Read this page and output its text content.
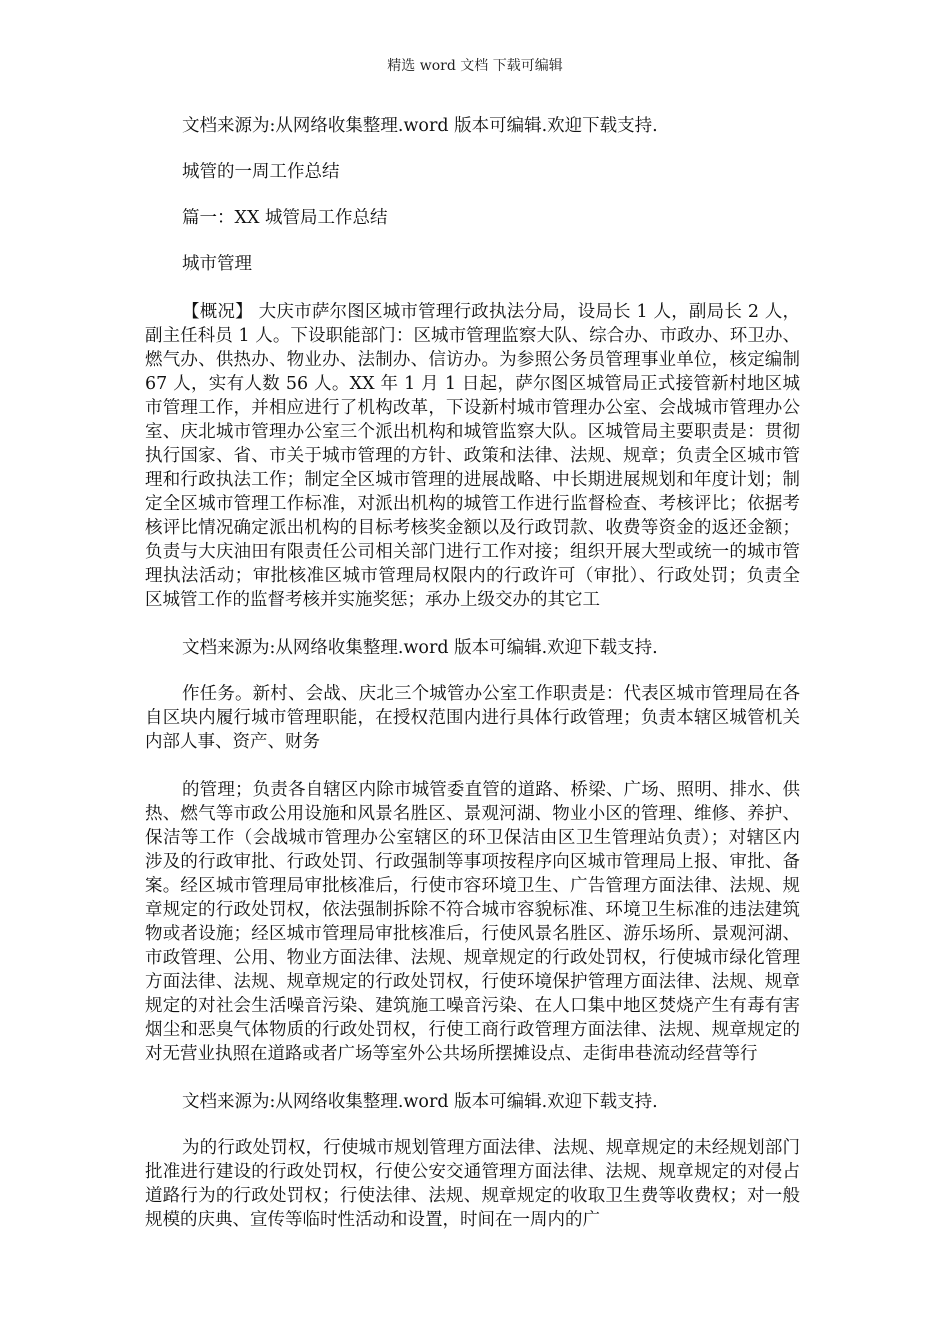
精选 word 文档 下载可编辑

文档来源为:从网络收集整理.word 版本可编辑.欢迎下载支持.

城管的一周工作总结

篇一：XX 城管局工作总结

城市管理

【概况】 大庆市萨尔图区城市管理行政执法分局，设局长 1 人，副局长 2 人，副主任科员 1 人。下设职能部门：区城市管理监察大队、综合办、市政办、环卫办、燃气办、供热办、物业办、法制办、信访办。为参照公务员管理事业单位，核定编制 67 人，实有人数 56 人。XX 年 1 月 1 日起，萨尔图区城管局正式接管新村地区城市管理工作，并相应进行了机构改革，下设新村城市管理办公室、会战城市管理办公室、庆北城市管理办公室三个派出机构和城管监察大队。区城管局主要职责是：贯彻执行国家、省、市关于城市管理的方针、政策和法律、法规、规章；负责全区城市管理和行政执法工作；制定全区城市管理的进展战略、中长期进展规划和年度计划；制定全区城市管理工作标准，对派出机构的城管工作进行监督检查、考核评比；依据考核评比情况确定派出机构的目标考核奖金额以及行政罚款、收费等资金的返还金额；负责与大庆油田有限责任公司相关部门进行工作对接；组织开展大型或统一的城市管理执法活动；审批核准区城市管理局权限内的行政许可（审批）、行政处罚；负责全区城管工作的监督考核并实施奖惩；承办上级交办的其它工

文档来源为:从网络收集整理.word 版本可编辑.欢迎下载支持.

作任务。新村、会战、庆北三个城管办公室工作职责是：代表区城市管理局在各自区块内履行城市管理职能，在授权范围内进行具体行政管理；负责本辖区城管机关内部人事、资产、财务

的管理；负责各自辖区内除市城管委直管的道路、桥梁、广场、照明、排水、供热、燃气等市政公用设施和风景名胜区、景观河湖、物业小区的管理、维修、养护、保洁等工作（会战城市管理办公室辖区的环卫保洁由区卫生管理站负责）；对辖区内涉及的行政审批、行政处罚、行政强制等事项按程序向区城市管理局上报、审批、备案。经区城市管理局审批核准后，行使市容环境卫生、广告管理方面法律、法规、规章规定的行政处罚权，依法强制拆除不符合城市容貌标准、环境卫生标准的违法建筑物或者设施；经区城市管理局审批核准后，行使风景名胜区、游乐场所、景观河湖、市政管理、公用、物业方面法律、法规、规章规定的行政处罚权，行使城市绿化管理方面法律、法规、规章规定的行政处罚权，行使环境保护管理方面法律、法规、规章规定的对社会生活噪音污染、建筑施工噪音污染、在人口集中地区焚烧产生有毒有害烟尘和恶臭气体物质的行政处罚权，行使工商行政管理方面法律、法规、规章规定的对无营业执照在道路或者广场等室外公共场所摆摊设点、走街串巷流动经营等行

文档来源为:从网络收集整理.word 版本可编辑.欢迎下载支持.

为的行政处罚权，行使城市规划管理方面法律、法规、规章规定的未经规划部门批准进行建设的行政处罚权，行使公安交通管理方面法律、法规、规章规定的对侵占道路行为的行政处罚权；行使法律、法规、规章规定的收取卫生费等收费权；对一般规模的庆典、宣传等临时性活动和设置，时间在一周内的广
